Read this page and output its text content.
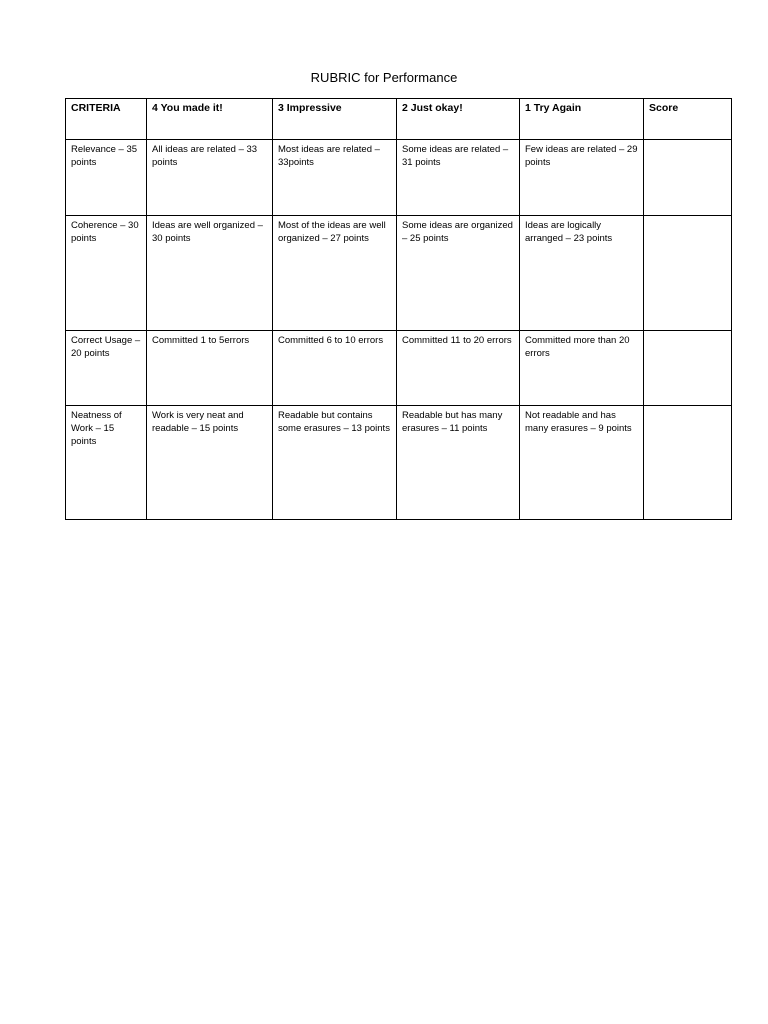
RUBRIC for Performance
CRITERIA	4 You made it!	3 Impressive	2 Just okay!	1 Try Again	Score
Relevance – 35 points	All ideas are related – 33 points	Most ideas are related – 33points	Some ideas are related – 31 points	Few ideas are related – 29 points	
Coherence – 30 points	Ideas are well organized – 30 points	Most of the ideas are well organized – 27 points	Some ideas are organized – 25 points	Ideas are logically arranged – 23 points	
Correct Usage – 20 points	Committed 1 to 5errors	Committed 6 to 10 errors	Committed 11 to 20 errors	Committed more than 20 errors	
Neatness of Work – 15 points	Work is very neat and readable – 15 points	Readable but contains some erasures – 13 points	Readable but has many erasures – 11 points	Not readable and has many erasures – 9 points	
